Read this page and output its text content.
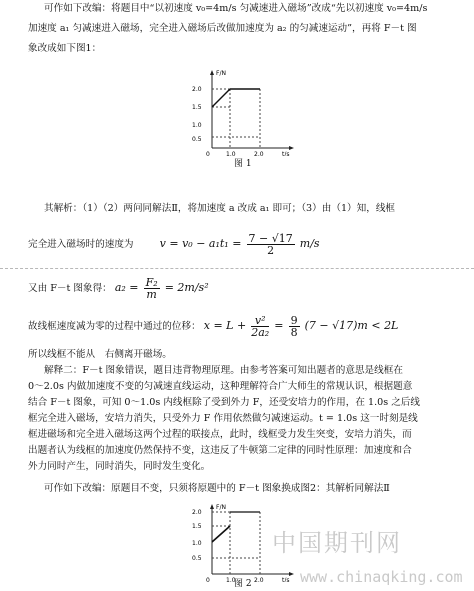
可作如下改编：将题目中“以初速度 v₀=4m/s 匀减速进入磁场”改成“先以初速度 v₀=4m/s
加速度 a₁ 匀减速进入磁场，完全进入磁场后改做加速度为 a₂ 的匀减速运动”，再将 F－t 图
象改成如下图1：
F/N
t/s
2.0
1.5
1.0
0.5
0	1.0	2.0
图 1
其解析：（1）（2）两问同解法Ⅱ，将加速度 a 改成 a₁ 即可；（3）由（1）知，线框
完全进入磁场时的速度为 $v = v_0 - a_1t_1 = \frac{7 - √17}{2} m/s$
又由 F－t 图象得： $a_2 = \frac{\text{F₂}}{m} = 2m/s^2$
故线框速度减为零的过程中通过的位移： $x = L + \frac{\text{v²}}{\text{2a₂}} = \frac{9}{8} (7 - √17)m < 2L$
所以线框不能从　右侧离开磁场。
解释二：F－t 图象错误，题目违背物理原理。由参考答案可知出题者的意思是线框在
0～2.0s 内做加速度不变的匀减速直线运动，这种理解符合广大师生的常规认识，根据题意
结合 F－t 图象，可知 0～1.0s 内线框除了受到外力 F，还受安培力的作用，在 1.0s 之后线
框完全进入磁场，安培力消失，只受外力 F 作用依然做匀减速运动。t = 1.0s 这一时刻是线
框进磁场和完全进入磁场这两个过程的联接点，此时，线框受力发生突变，安培力消失，而
出题者认为线框的加速度仍然保持不变，这违反了牛顿第二定律的同时性原理：加速度和合
外力同时产生，同时消失，同时发生变化。
可作如下改编：原题目不变，只须将原题中的 F－t 图象换成图2：其解析同解法Ⅱ
F/N
t/s
2.0
1.5
1.0
0.5
0	1.0	2.0
图 2
中国期刊网
www.chinaqking.com
